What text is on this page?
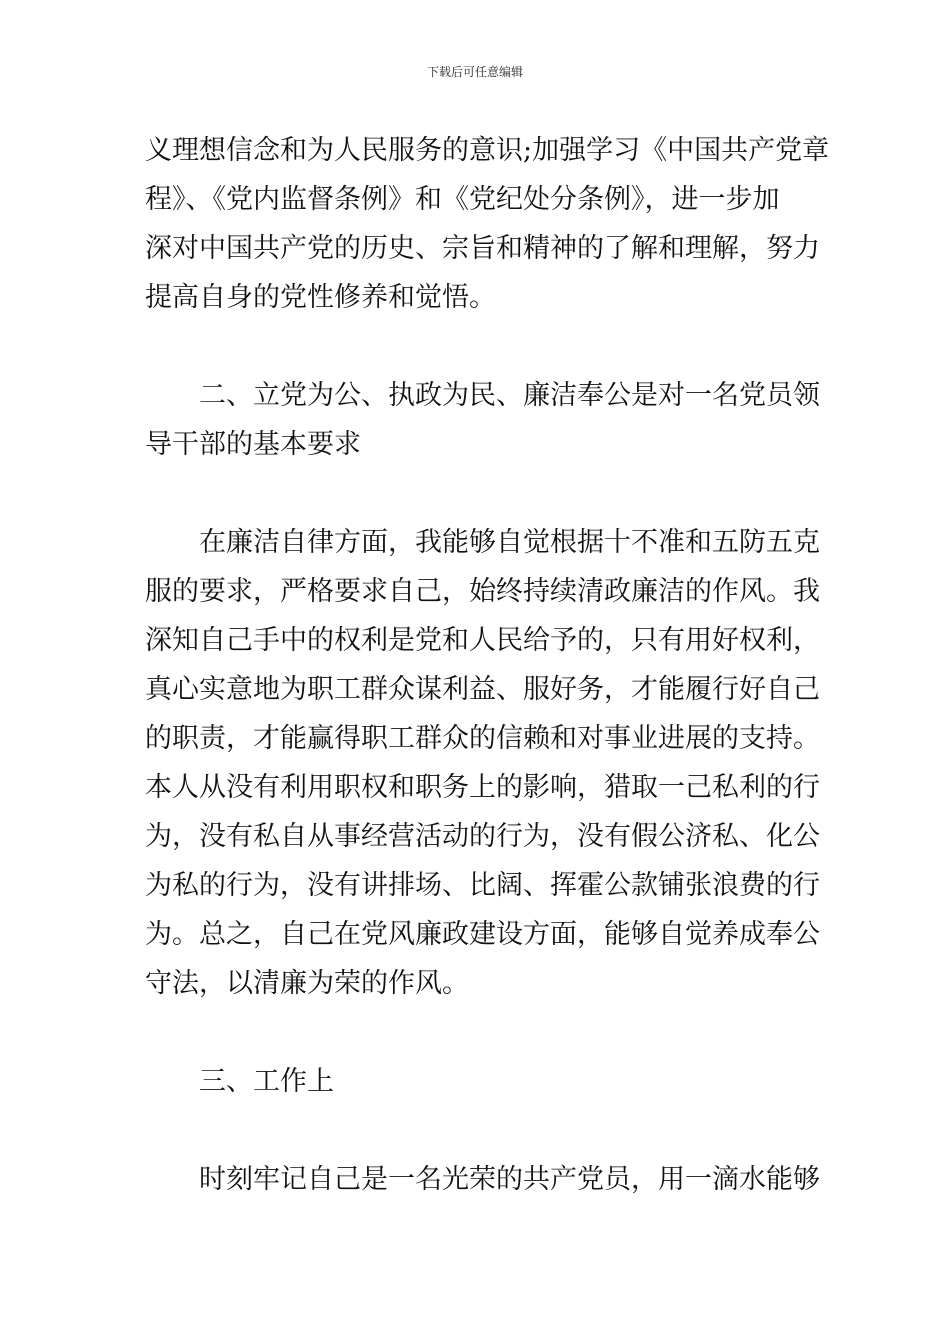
下载后可任意编辑
义理想信念和为人民服务的意识;加强学习《中国共产党章
程》、《党内监督条例》和《党纪处分条例》，进一步加
深对中国共产党的历史、宗旨和精神的了解和理解，努力
提高自身的党性修养和觉悟。
二、立党为公、执政为民、廉洁奉公是对一名党员领
导干部的基本要求
在廉洁自律方面，我能够自觉根据十不准和五防五克
服的要求，严格要求自己，始终持续清政廉洁的作风。我
深知自己手中的权利是党和人民给予的，只有用好权利，
真心实意地为职工群众谋利益、服好务，才能履行好自己
的职责，才能赢得职工群众的信赖和对事业进展的支持。
本人从没有利用职权和职务上的影响，猎取一己私利的行
为，没有私自从事经营活动的行为，没有假公济私、化公
为私的行为，没有讲排场、比阔、挥霍公款铺张浪费的行
为。总之，自己在党风廉政建设方面，能够自觉养成奉公
守法，以清廉为荣的作风。
三、工作上
时刻牢记自己是一名光荣的共产党员，用一滴水能够
